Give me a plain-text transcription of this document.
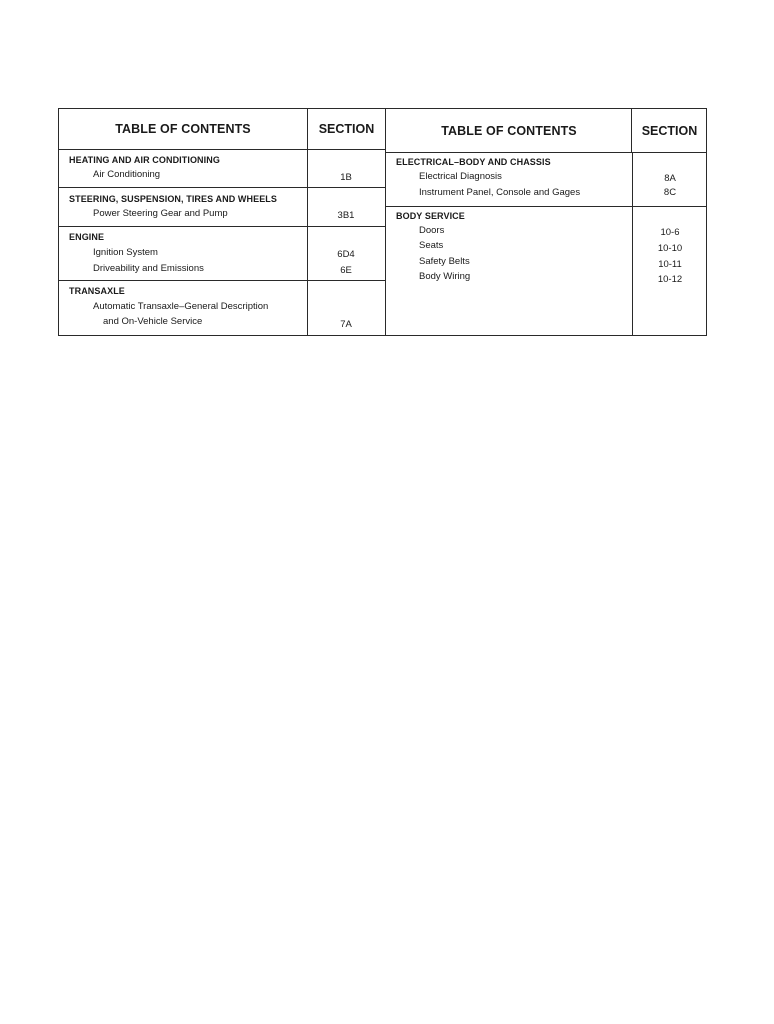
TABLE OF CONTENTS	SECTION
HEATING AND AIR CONDITIONING
Air Conditioning	1B
STEERING, SUSPENSION, TIRES AND WHEELS
Power Steering Gear and Pump	3B1
ENGINE
Ignition System	6D4
Driveability and Emissions	6E
TRANSAXLE
Automatic Transaxle–General Description
and On-Vehicle Service	7A
TABLE OF CONTENTS	SECTION
ELECTRICAL–BODY AND CHASSIS
Electrical Diagnosis	8A
Instrument Panel, Console and Gages	8C
BODY SERVICE
Doors	10-6
Seats	10-10
Safety Belts	10-11
Body Wiring	10-12
